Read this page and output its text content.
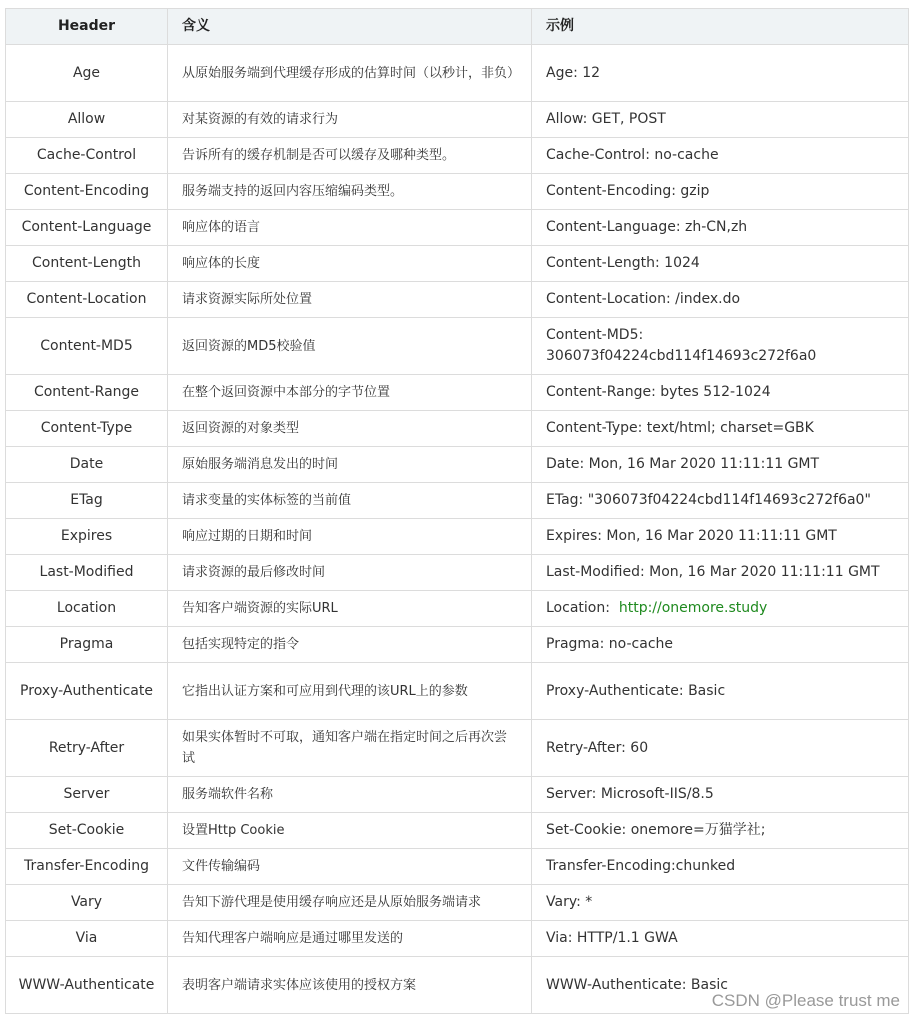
Header	含义	示例
Age	从原始服务端到代理缓存形成的估算时间（以秒计，非负）	Age: 12
Allow	对某资源的有效的请求行为	Allow: GET, POST
Cache-Control	告诉所有的缓存机制是否可以缓存及哪种类型。	Cache-Control: no-cache
Content-Encoding	服务端支持的返回内容压缩编码类型。	Content-Encoding: gzip
Content-Language	响应体的语言	Content-Language: zh-CN,zh
Content-Length	响应体的长度	Content-Length: 1024
Content-Location	请求资源实际所处位置	Content-Location: /index.do
Content-MD5	返回资源的MD5校验值	Content-MD5: 306073f04224cbd114f14693c272f6a0
Content-Range	在整个返回资源中本部分的字节位置	Content-Range: bytes 512-1024
Content-Type	返回资源的对象类型	Content-Type: text/html; charset=GBK
Date	原始服务端消息发出的时间	Date: Mon, 16 Mar 2020 11:11:11 GMT
ETag	请求变量的实体标签的当前值	ETag: "306073f04224cbd114f14693c272f6a0"
Expires	响应过期的日期和时间	Expires: Mon, 16 Mar 2020 11:11:11 GMT
Last-Modified	请求资源的最后修改时间	Last-Modified: Mon, 16 Mar 2020 11:11:11 GMT
Location	告知客户端资源的实际URL	Location: http://onemore.study
Pragma	包括实现特定的指令	Pragma: no-cache
Proxy-Authenticate	它指出认证方案和可应用到代理的该URL上的参数	Proxy-Authenticate: Basic
Retry-After	如果实体暂时不可取，通知客户端在指定时间之后再次尝试	Retry-After: 60
Server	服务端软件名称	Server: Microsoft-IIS/8.5
Set-Cookie	设置Http Cookie	Set-Cookie: onemore=万猫学社;
Transfer-Encoding	文件传输编码	Transfer-Encoding:chunked
Vary	告知下游代理是使用缓存响应还是从原始服务端请求	Vary: *
Via	告知代理客户端响应是通过哪里发送的	Via: HTTP/1.1 GWA
WWW-Authenticate	表明客户端请求实体应该使用的授权方案	WWW-Authenticate: Basic
CSDN @Please trust me
